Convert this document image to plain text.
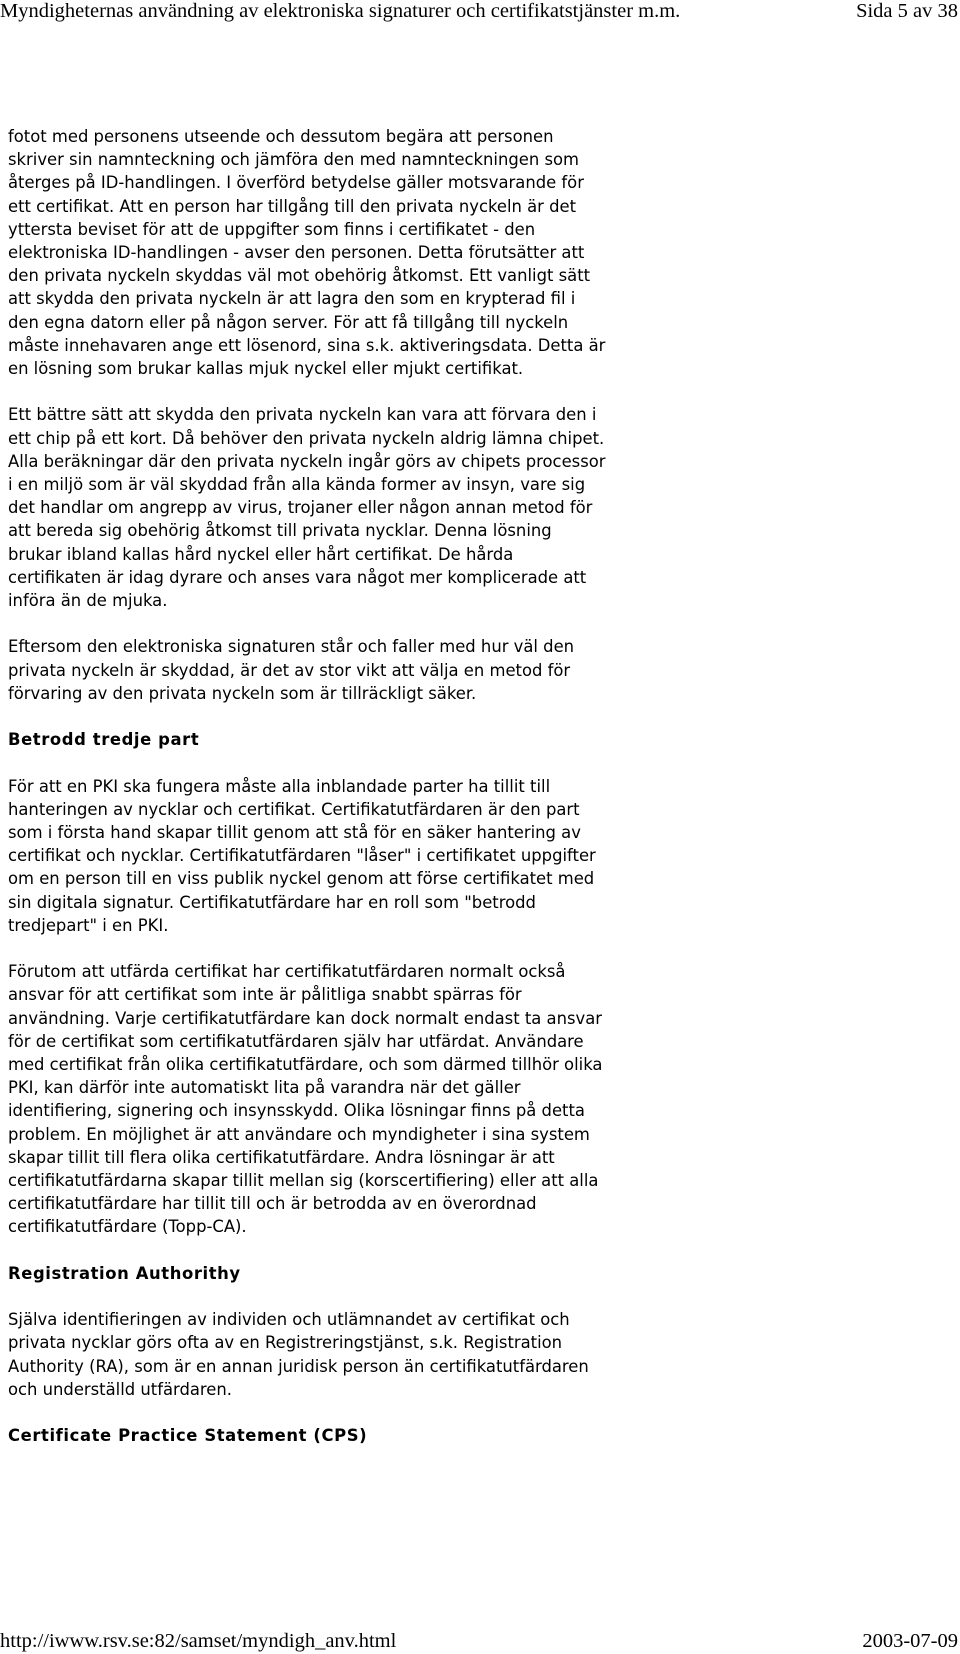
Myndigheternas användning av elektroniska signaturer och certifikatstjänster m.m.	Sida 5 av 38

fotot med personens utseende och dessutom begära att personen
skriver sin namnteckning och jämföra den med namnteckningen som
återges på ID-handlingen. I överförd betydelse gäller motsvarande för
ett certifikat. Att en person har tillgång till den privata nyckeln är det
yttersta beviset för att de uppgifter som finns i certifikatet - den
elektroniska ID-handlingen - avser den personen. Detta förutsätter att
den privata nyckeln skyddas väl mot obehörig åtkomst. Ett vanligt sätt
att skydda den privata nyckeln är att lagra den som en krypterad fil i
den egna datorn eller på någon server. För att få tillgång till nyckeln
måste innehavaren ange ett lösenord, sina s.k. aktiveringsdata. Detta är
en lösning som brukar kallas mjuk nyckel eller mjukt certifikat.

Ett bättre sätt att skydda den privata nyckeln kan vara att förvara den i
ett chip på ett kort. Då behöver den privata nyckeln aldrig lämna chipet.
Alla beräkningar där den privata nyckeln ingår görs av chipets processor
i en miljö som är väl skyddad från alla kända former av insyn, vare sig
det handlar om angrepp av virus, trojaner eller någon annan metod för
att bereda sig obehörig åtkomst till privata nycklar. Denna lösning
brukar ibland kallas hård nyckel eller hårt certifikat. De hårda
certifikaten är idag dyrare och anses vara något mer komplicerade att
införa än de mjuka.

Eftersom den elektroniska signaturen står och faller med hur väl den
privata nyckeln är skyddad, är det av stor vikt att välja en metod för
förvaring av den privata nyckeln som är tillräckligt säker.

Betrodd tredje part

För att en PKI ska fungera måste alla inblandade parter ha tillit till
hanteringen av nycklar och certifikat. Certifikatutfärdaren är den part
som i första hand skapar tillit genom att stå för en säker hantering av
certifikat och nycklar. Certifikatutfärdaren "låser" i certifikatet uppgifter
om en person till en viss publik nyckel genom att förse certifikatet med
sin digitala signatur. Certifikatutfärdare har en roll som "betrodd
tredjepart" i en PKI.

Förutom att utfärda certifikat har certifikatutfärdaren normalt också
ansvar för att certifikat som inte är pålitliga snabbt spärras för
användning. Varje certifikatutfärdare kan dock normalt endast ta ansvar
för de certifikat som certifikatutfärdaren själv har utfärdat. Användare
med certifikat från olika certifikatutfärdare, och som därmed tillhör olika
PKI, kan därför inte automatiskt lita på varandra när det gäller
identifiering, signering och insynsskydd. Olika lösningar finns på detta
problem. En möjlighet är att användare och myndigheter i sina system
skapar tillit till flera olika certifikatutfärdare. Andra lösningar är att
certifikatutfärdarna skapar tillit mellan sig (korscertifiering) eller att alla
certifikatutfärdare har tillit till och är betrodda av en överordnad
certifikatutfärdare (Topp-CA).

Registration Authorithy

Själva identifieringen av individen och utlämnandet av certifikat och
privata nycklar görs ofta av en Registreringstjänst, s.k. Registration
Authority (RA), som är en annan juridisk person än certifikatutfärdaren
och underställd utfärdaren.

Certificate Practice Statement (CPS)
http://iwww.rsv.se:82/samset/myndigh_anv.html	2003-07-09
